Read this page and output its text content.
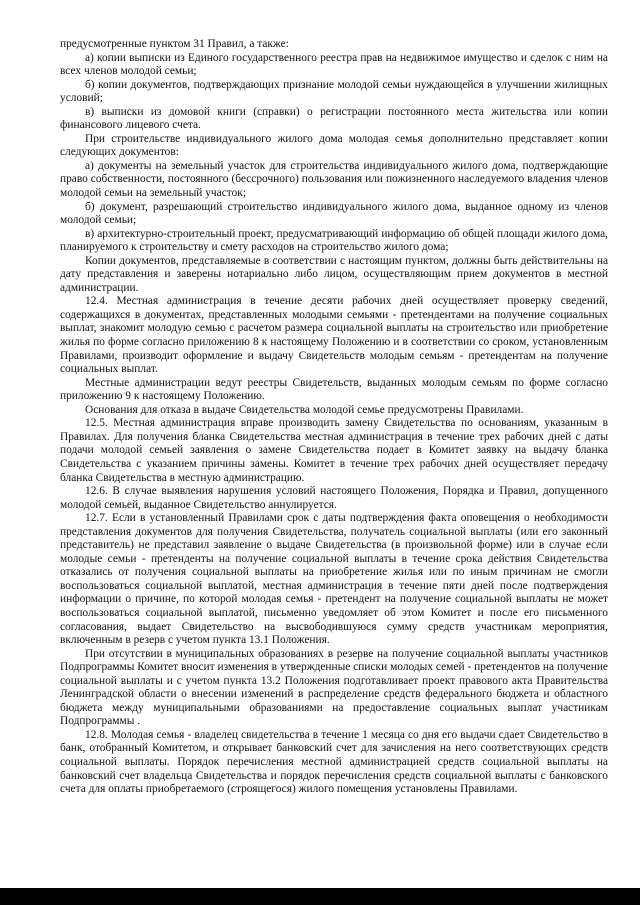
предусмотренные пунктом 31 Правил, а также:

а) копии выписки из Единого государственного реестра прав на недвижимое имущество и сделок с ним на всех членов молодой семьи;

б) копии документов, подтверждающих признание молодой семьи нуждающейся в улучшении жилищных условий;

в) выписки из домовой книги (справки) о регистрации постоянного места жительства или копии финансового лицевого счета.

При строительстве индивидуального жилого дома молодая семья дополнительно представляет копии следующих документов:

а) документы на земельный участок для строительства индивидуального жилого дома, подтверждающие право собственности, постоянного (бессрочного) пользования или пожизненного наследуемого владения членов молодой семьи на земельный участок;

б) документ, разрешающий строительство индивидуального жилого дома, выданное одному из членов молодой семьи;

в) архитектурно-строительный проект, предусматривающий информацию об общей площади жилого дома, планируемого к строительству и смету расходов на строительство жилого дома;

Копии документов, представляемые в соответствии с настоящим пунктом, должны быть действительны на дату представления и заверены нотариально либо лицом, осуществляющим прием документов в местной администрации.

12.4. Местная администрация в течение десяти рабочих дней осуществляет проверку сведений, содержащихся в документах, представленных молодыми семьями - претендентами на получение социальных выплат, знакомит молодую семью с расчетом размера социальной выплаты на строительство или приобретение жилья по форме согласно приложению 8 к настоящему Положению и в соответствии со сроком, установленным Правилами, производит оформление и выдачу Свидетельств молодым семьям - претендентам на получение социальных выплат.

Местные администрации ведут реестры Свидетельств, выданных молодым семьям по форме согласно приложению 9 к настоящему Положению.

Основания для отказа в выдаче Свидетельства молодой семье предусмотрены Правилами.

12.5. Местная администрация вправе производить замену Свидетельства по основаниям, указанным в Правилах. Для получения бланка Свидетельства местная администрация в течение трех рабочих дней с даты подачи молодой семьей заявления о замене Свидетельства подает в Комитет заявку на выдачу бланка Свидетельства с указанием причины замены. Комитет в течение трех рабочих дней осуществляет передачу бланка Свидетельства в местную администрацию.

12.6. В случае выявления нарушения условий настоящего Положения, Порядка и Правил, допущенного молодой семьей, выданное Свидетельство аннулируется.

12.7. Если в установленный Правилами срок с даты подтверждения факта оповещения о необходимости представления документов для получения Свидетельства, получатель социальной выплаты (или его законный представитель) не представил заявление о выдаче Свидетельства (в произвольной форме) или в случае если молодые семьи - претенденты на получение социальной выплаты в течение срока действия Свидетельства отказались от получения социальной выплаты на приобретение жилья или по иным причинам не смогли воспользоваться социальной выплатой, местная администрация в течение пяти дней после подтверждения информации о причине, по которой молодая семья - претендент на получение социальной выплаты не может воспользоваться социальной выплатой, письменно уведомляет об этом Комитет и после его письменного согласования, выдает Свидетельство на высвободившуюся сумму средств участникам мероприятия, включенным в резерв с учетом пункта 13.1 Положения.

При отсутствии в муниципальных образованиях в резерве на получение социальной выплаты участников Подпрограммы Комитет вносит изменения в утвержденные списки молодых семей - претендентов на получение социальной выплаты и с учетом пункта 13.2 Положения подготавливает проект правового акта Правительства Ленинградской области о внесении изменений в распределение средств федерального бюджета и областного бюджета между муниципальными образованиями на предоставление социальных выплат участникам Подпрограммы .

12.8. Молодая семья - владелец свидетельства в течение 1 месяца со дня его выдачи сдает Свидетельство в банк, отобранный Комитетом, и открывает банковский счет для зачисления на него соответствующих средств социальной выплаты. Порядок перечисления местной администрацией средств социальной выплаты на банковский счет владельца Свидетельства и порядок перечисления средств социальной выплаты с банковского счета для оплаты приобретаемого (строящегося) жилого помещения установлены Правилами.
